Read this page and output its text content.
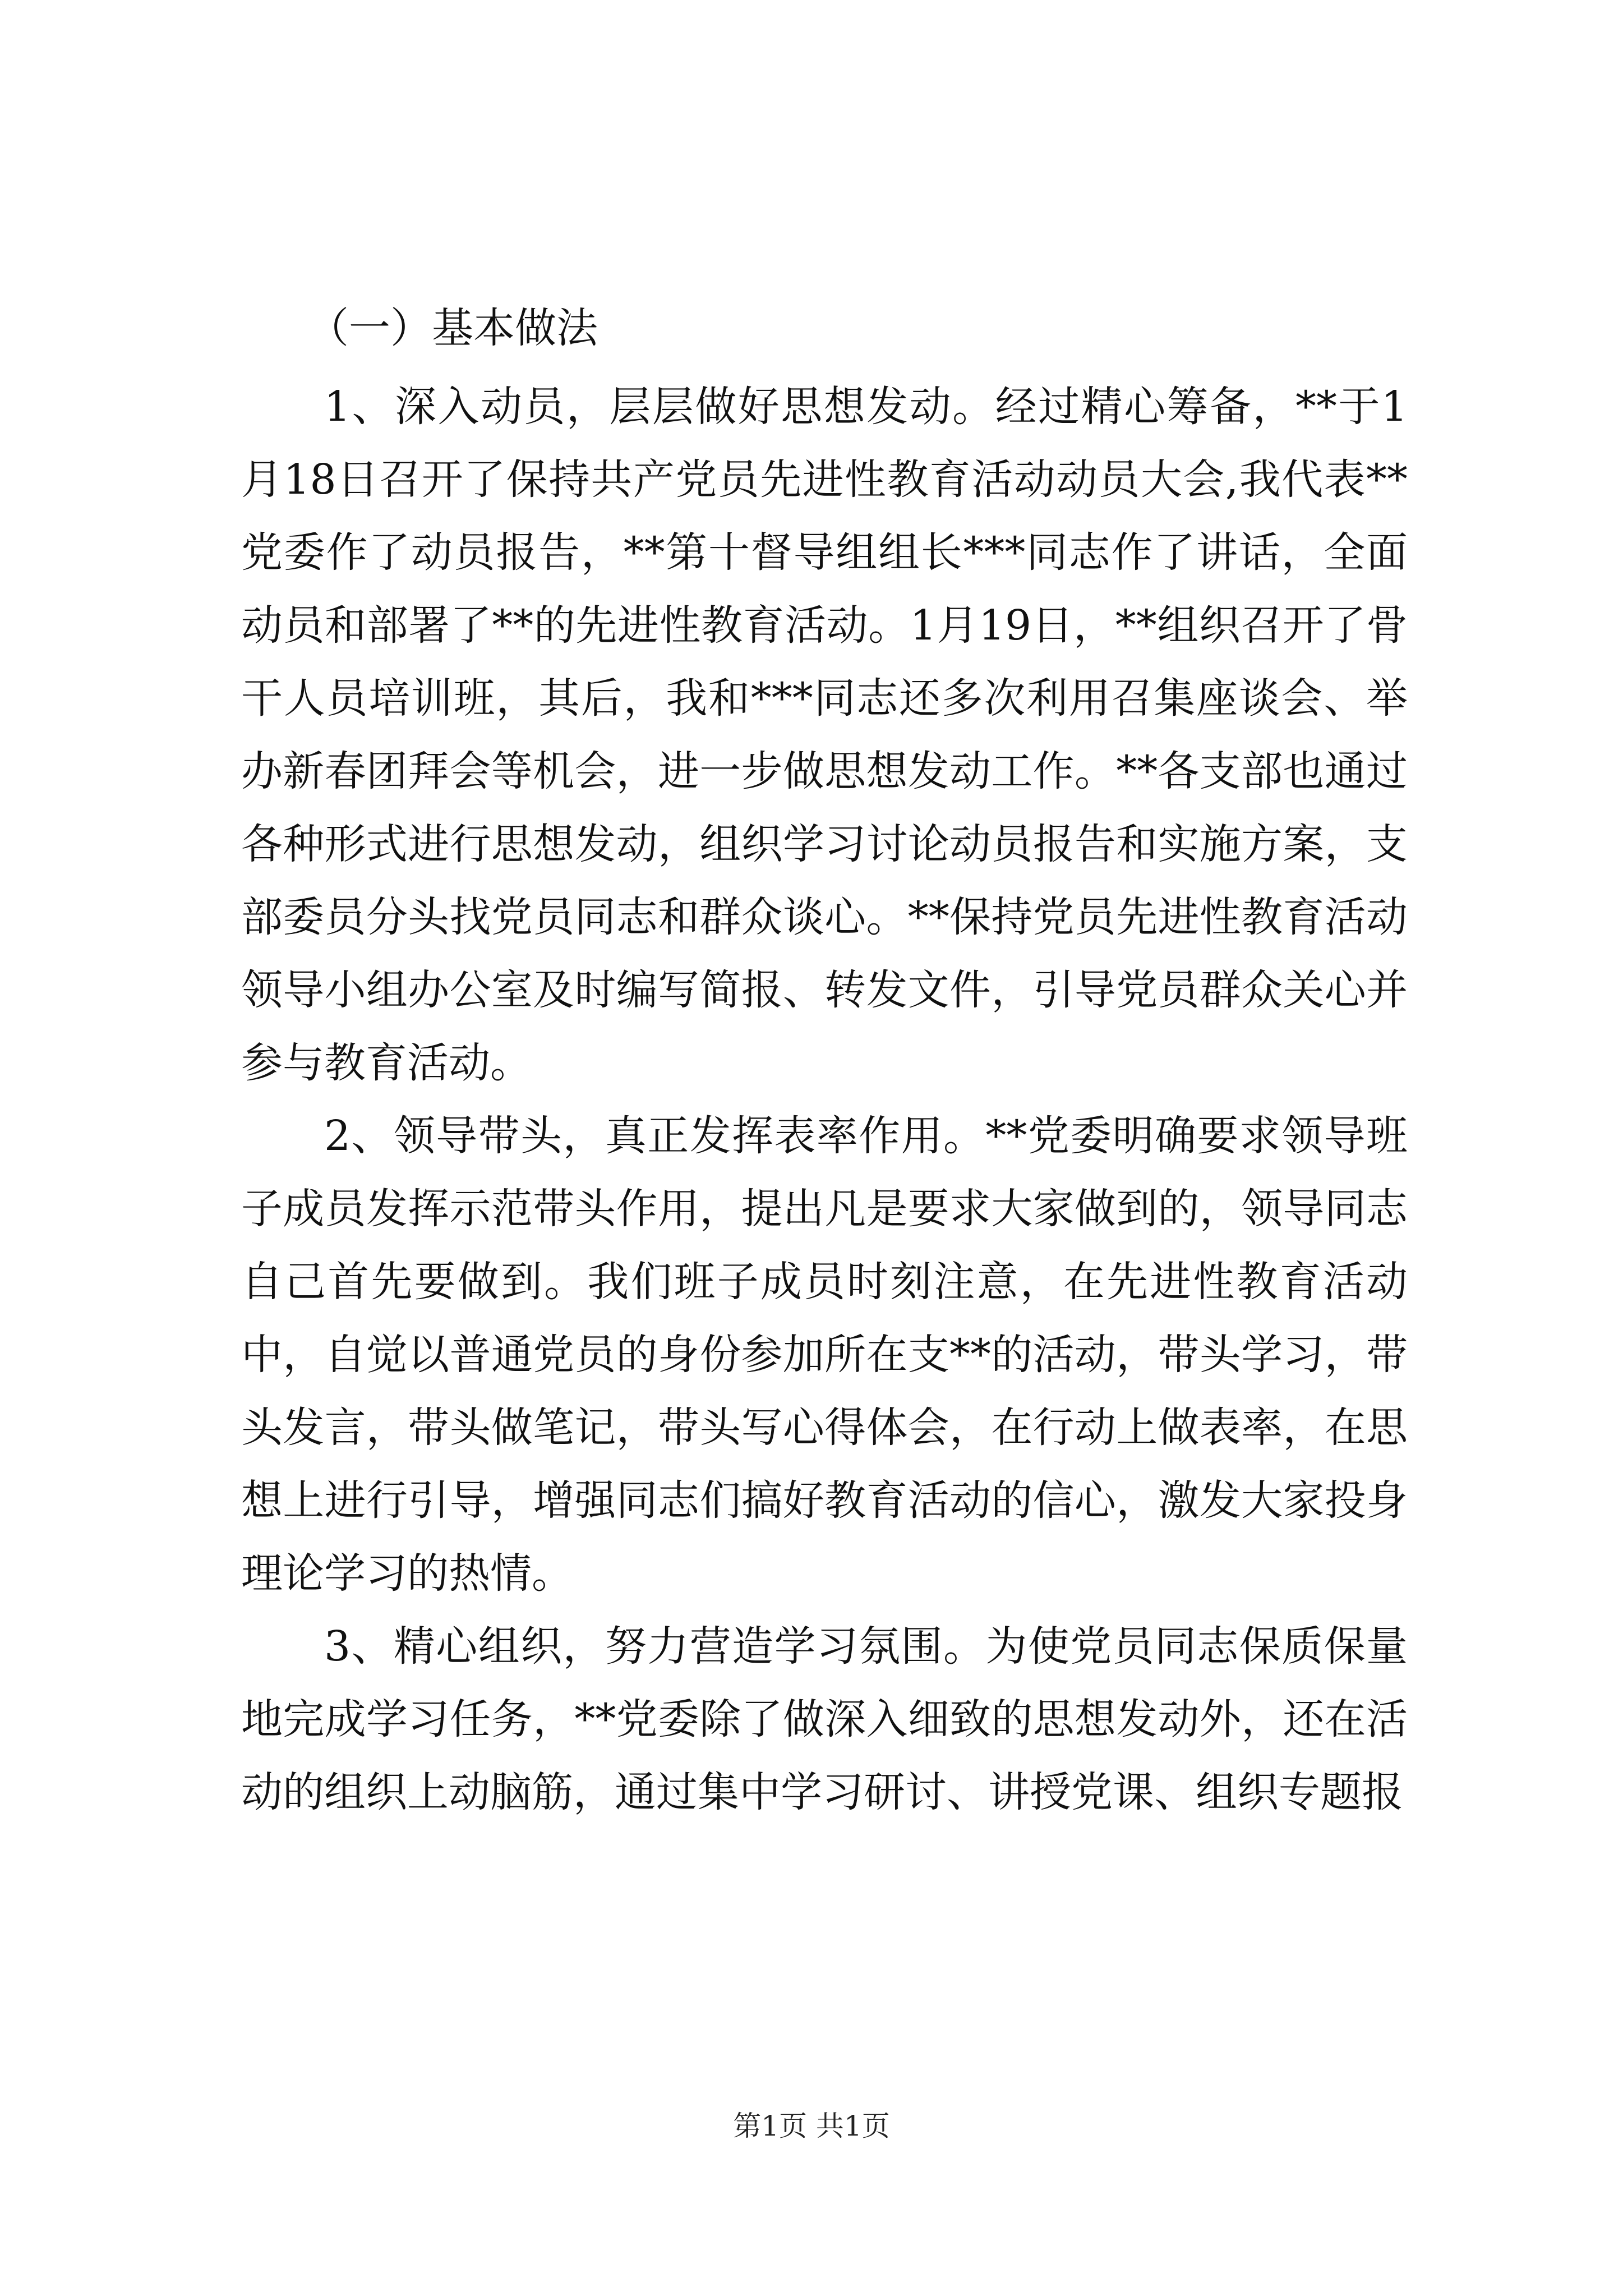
（一）基本做法

1、深入动员，层层做好思想发动。经过精心筹备，**于1月18日召开了保持共产党员先进性教育活动动员大会,我代表**党委作了动员报告，**第十督导组组长***同志作了讲话，全面动员和部署了**的先进性教育活动。1月19日，**组织召开了骨干人员培训班，其后，我和***同志还多次利用召集座谈会、举办新春团拜会等机会，进一步做思想发动工作。**各支部也通过各种形式进行思想发动，组织学习讨论动员报告和实施方案，支部委员分头找党员同志和群众谈心。**保持党员先进性教育活动领导小组办公室及时编写简报、转发文件，引导党员群众关心并参与教育活动。

2、领导带头，真正发挥表率作用。**党委明确要求领导班子成员发挥示范带头作用，提出凡是要求大家做到的，领导同志自己首先要做到。我们班子成员时刻注意，在先进性教育活动中，自觉以普通党员的身份参加所在支**的活动，带头学习，带头发言，带头做笔记，带头写心得体会，在行动上做表率，在思想上进行引导，增强同志们搞好教育活动的信心，激发大家投身理论学习的热情。

3、精心组织，努力营造学习氛围。为使党员同志保质保量地完成学习任务，**党委除了做深入细致的思想发动外，还在活动的组织上动脑筋，通过集中学习研讨、讲授党课、组织专题报

第1页 共1页
